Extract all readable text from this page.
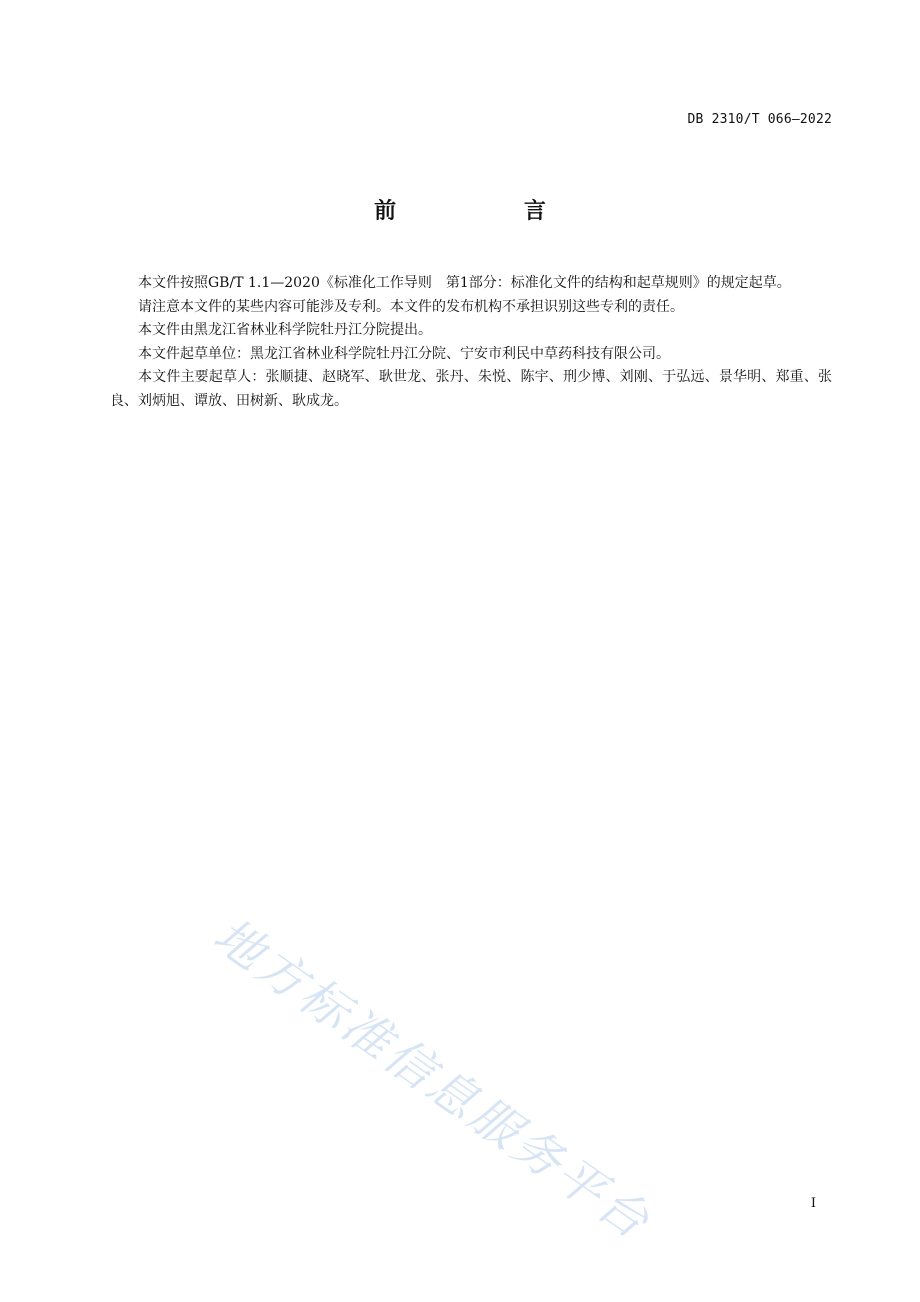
DB 2310/T 066—2022
前 言

本文件按照GB/T 1.1—2020《标准化工作导则　第1部分：标准化文件的结构和起草规则》的规定起草。

请注意本文件的某些内容可能涉及专利。本文件的发布机构不承担识别这些专利的责任。

本文件由黑龙江省林业科学院牡丹江分院提出。

本文件起草单位：黑龙江省林业科学院牡丹江分院、宁安市利民中草药科技有限公司。

本文件主要起草人：张顺捷、赵晓军、耿世龙、张丹、朱悦、陈宇、刑少博、刘刚、于弘远、景华明、郑重、张良、刘炳旭、谭放、田树新、耿成龙。

地方标准信息服务平台	I
